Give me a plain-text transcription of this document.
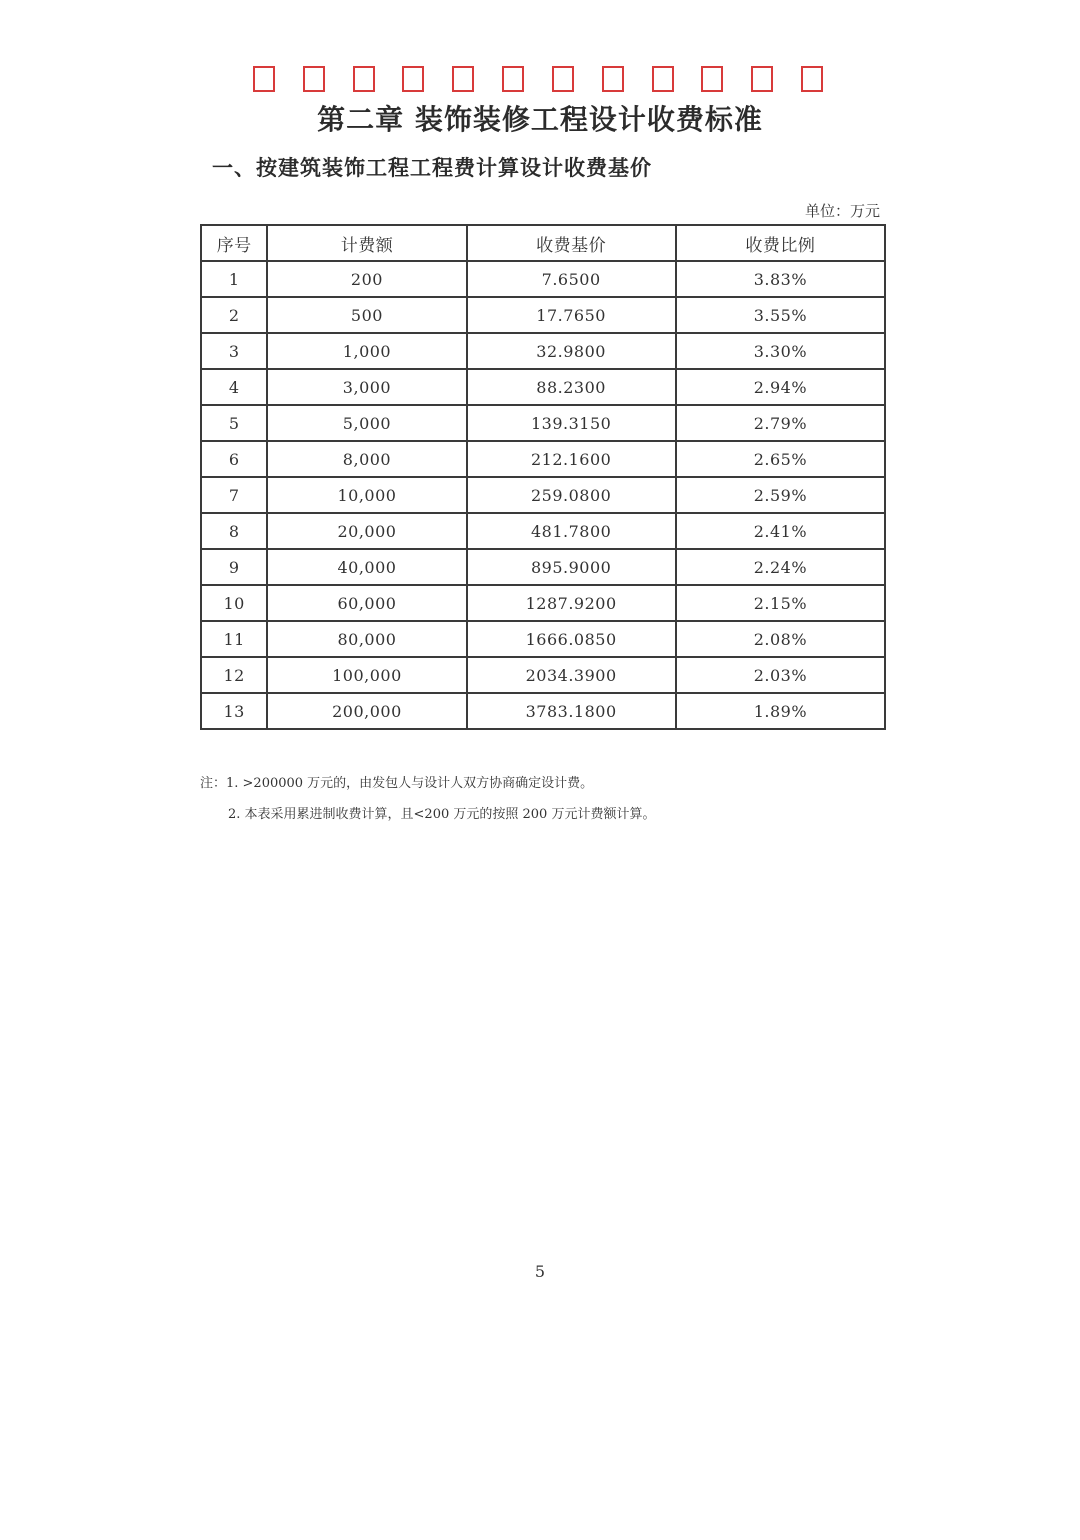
第二章 装饰装修工程设计收费标准
一、按建筑装饰工程工程费计算设计收费基价
单位：万元
序号	计费额	收费基价	收费比例
1	200	7.6500	3.83%
2	500	17.7650	3.55%
3	1,000	32.9800	3.30%
4	3,000	88.2300	2.94%
5	5,000	139.3150	2.79%
6	8,000	212.1600	2.65%
7	10,000	259.0800	2.59%
8	20,000	481.7800	2.41%
9	40,000	895.9000	2.24%
10	60,000	1287.9200	2.15%
11	80,000	1666.0850	2.08%
12	100,000	2034.3900	2.03%
13	200,000	3783.1800	1.89%
注：1. >200000 万元的，由发包人与设计人双方协商确定设计费。
2. 本表采用累进制收费计算，且<200 万元的按照 200 万元计费额计算。
5
